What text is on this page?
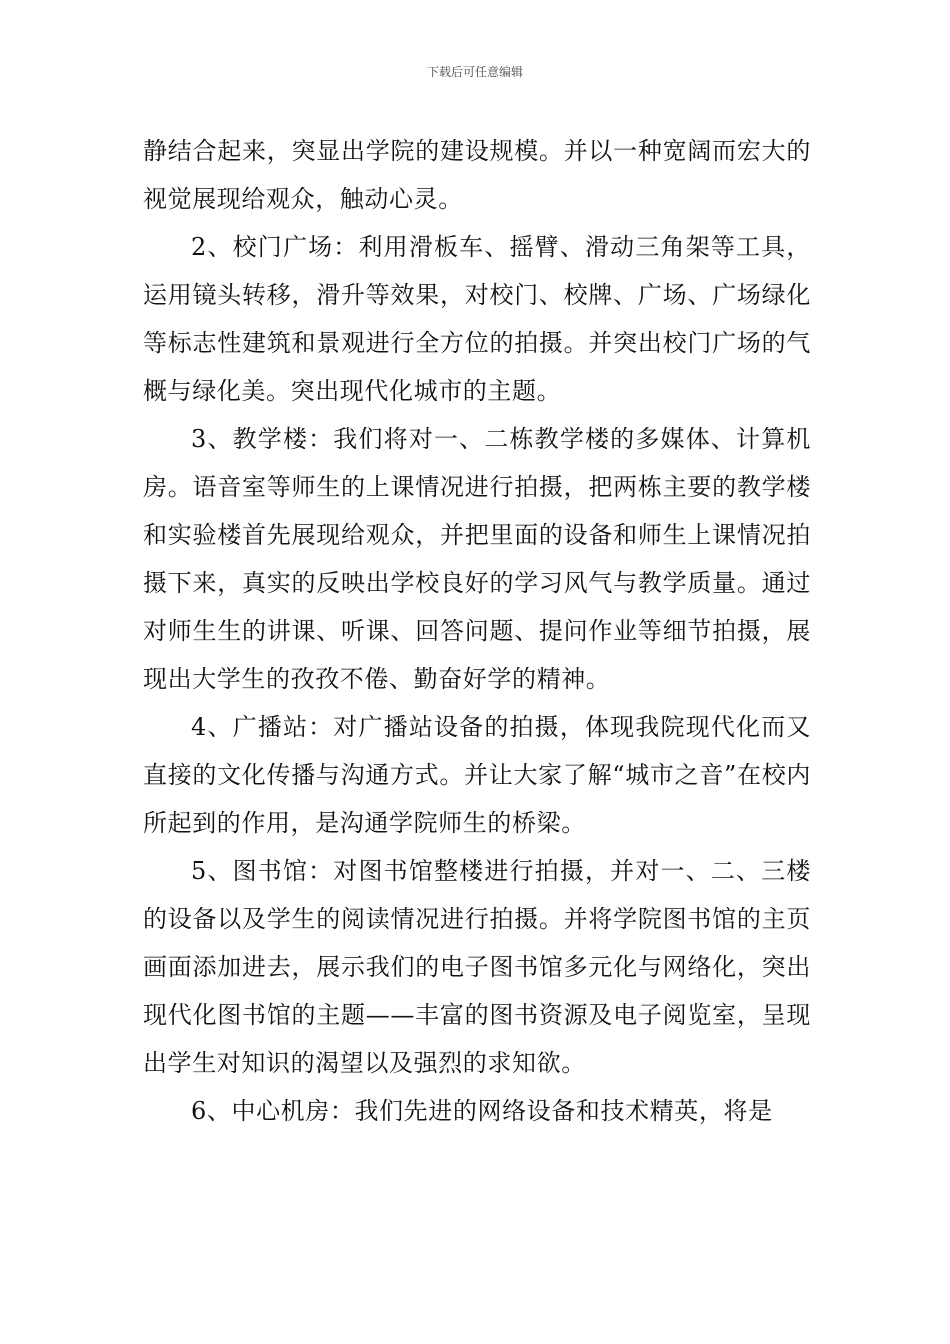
下载后可任意编辑

静结合起来，突显出学院的建设规模。并以一种宽阔而宏大的视觉展现给观众，触动心灵。

2、校门广场：利用滑板车、摇臂、滑动三角架等工具，运用镜头转移，滑升等效果，对校门、校牌、广场、广场绿化等标志性建筑和景观进行全方位的拍摄。并突出校门广场的气概与绿化美。突出现代化城市的主题。

3、教学楼：我们将对一、二栋教学楼的多媒体、计算机房。语音室等师生的上课情况进行拍摄，把两栋主要的教学楼和实验楼首先展现给观众，并把里面的设备和师生上课情况拍摄下来，真实的反映出学校良好的学习风气与教学质量。通过对师生生的讲课、听课、回答问题、提问作业等细节拍摄，展现出大学生的孜孜不倦、勤奋好学的精神。

4、广播站：对广播站设备的拍摄，体现我院现代化而又直接的文化传播与沟通方式。并让大家了解“城市之音”在校内所起到的作用，是沟通学院师生的桥梁。

5、图书馆：对图书馆整楼进行拍摄，并对一、二、三楼的设备以及学生的阅读情况进行拍摄。并将学院图书馆的主页画面添加进去，展示我们的电子图书馆多元化与网络化，突出现代化图书馆的主题——丰富的图书资源及电子阅览室，呈现出学生对知识的渴望以及强烈的求知欲。

6、中心机房：我们先进的网络设备和技术精英，将是
